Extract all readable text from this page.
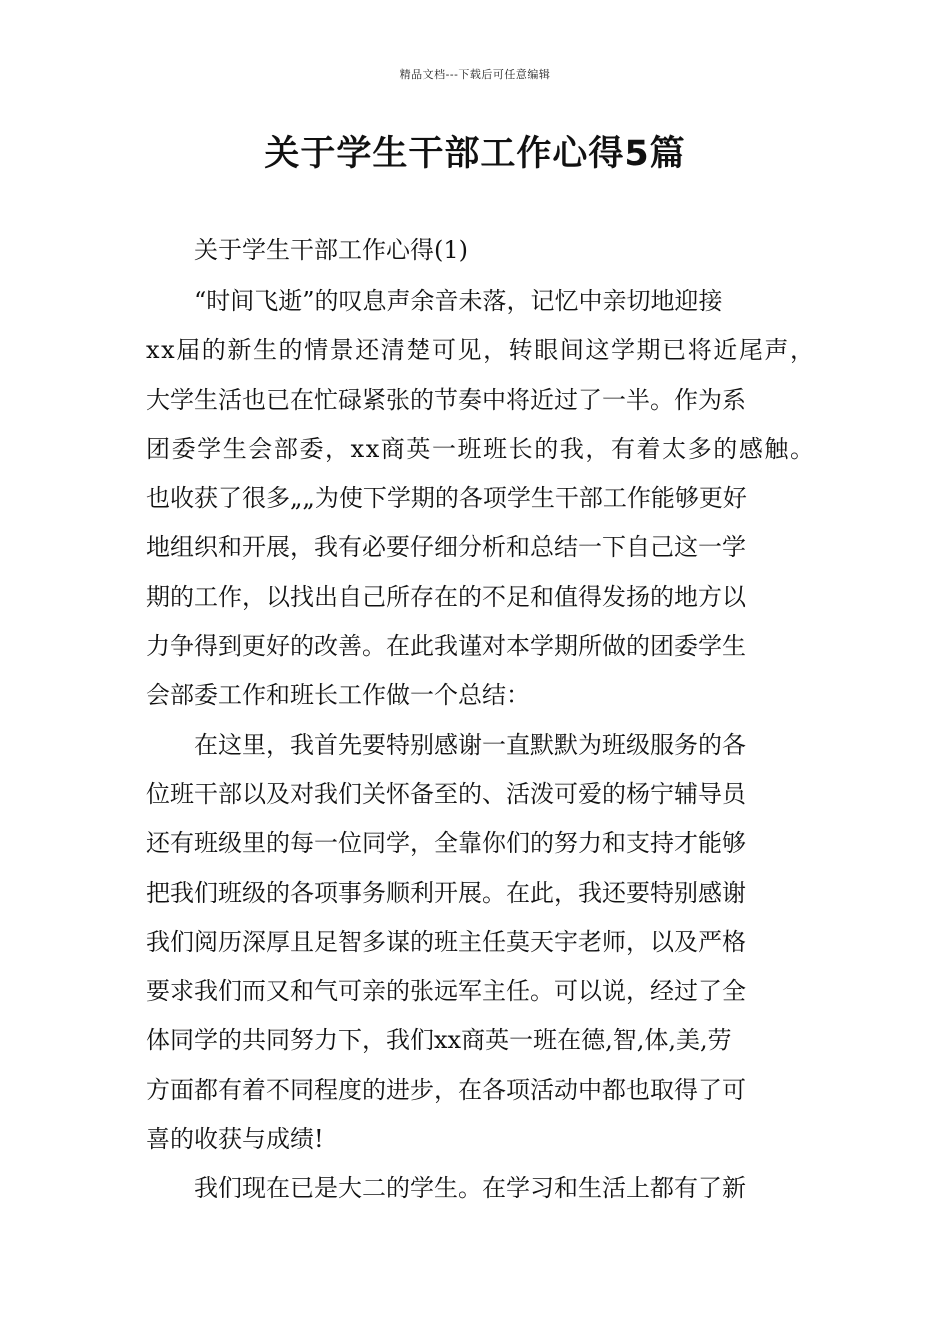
精品文档---下载后可任意编辑
关于学生干部工作心得5篇

关于学生干部工作心得(1)

“时间飞逝”的叹息声余音未落，记忆中亲切地迎接
xx届的新生的情景还清楚可见，转眼间这学期已将近尾声，
大学生活也已在忙碌紧张的节奏中将近过了一半。作为系
团委学生会部委，xx商英一班班长的我，有着太多的感触。
也收获了很多„„为使下学期的各项学生干部工作能够更好
地组织和开展，我有必要仔细分析和总结一下自己这一学
期的工作，以找出自己所存在的不足和值得发扬的地方以
力争得到更好的改善。在此我谨对本学期所做的团委学生
会部委工作和班长工作做一个总结：
在这里，我首先要特别感谢一直默默为班级服务的各
位班干部以及对我们关怀备至的、活泼可爱的杨宁辅导员
还有班级里的每一位同学，全靠你们的努力和支持才能够
把我们班级的各项事务顺利开展。在此，我还要特别感谢
我们阅历深厚且足智多谋的班主任莫天宇老师，以及严格
要求我们而又和气可亲的张远军主任。可以说，经过了全
体同学的共同努力下，我们xx商英一班在德,智,体,美,劳
方面都有着不同程度的进步，在各项活动中都也取得了可
喜的收获与成绩!
我们现在已是大二的学生。在学习和生活上都有了新
